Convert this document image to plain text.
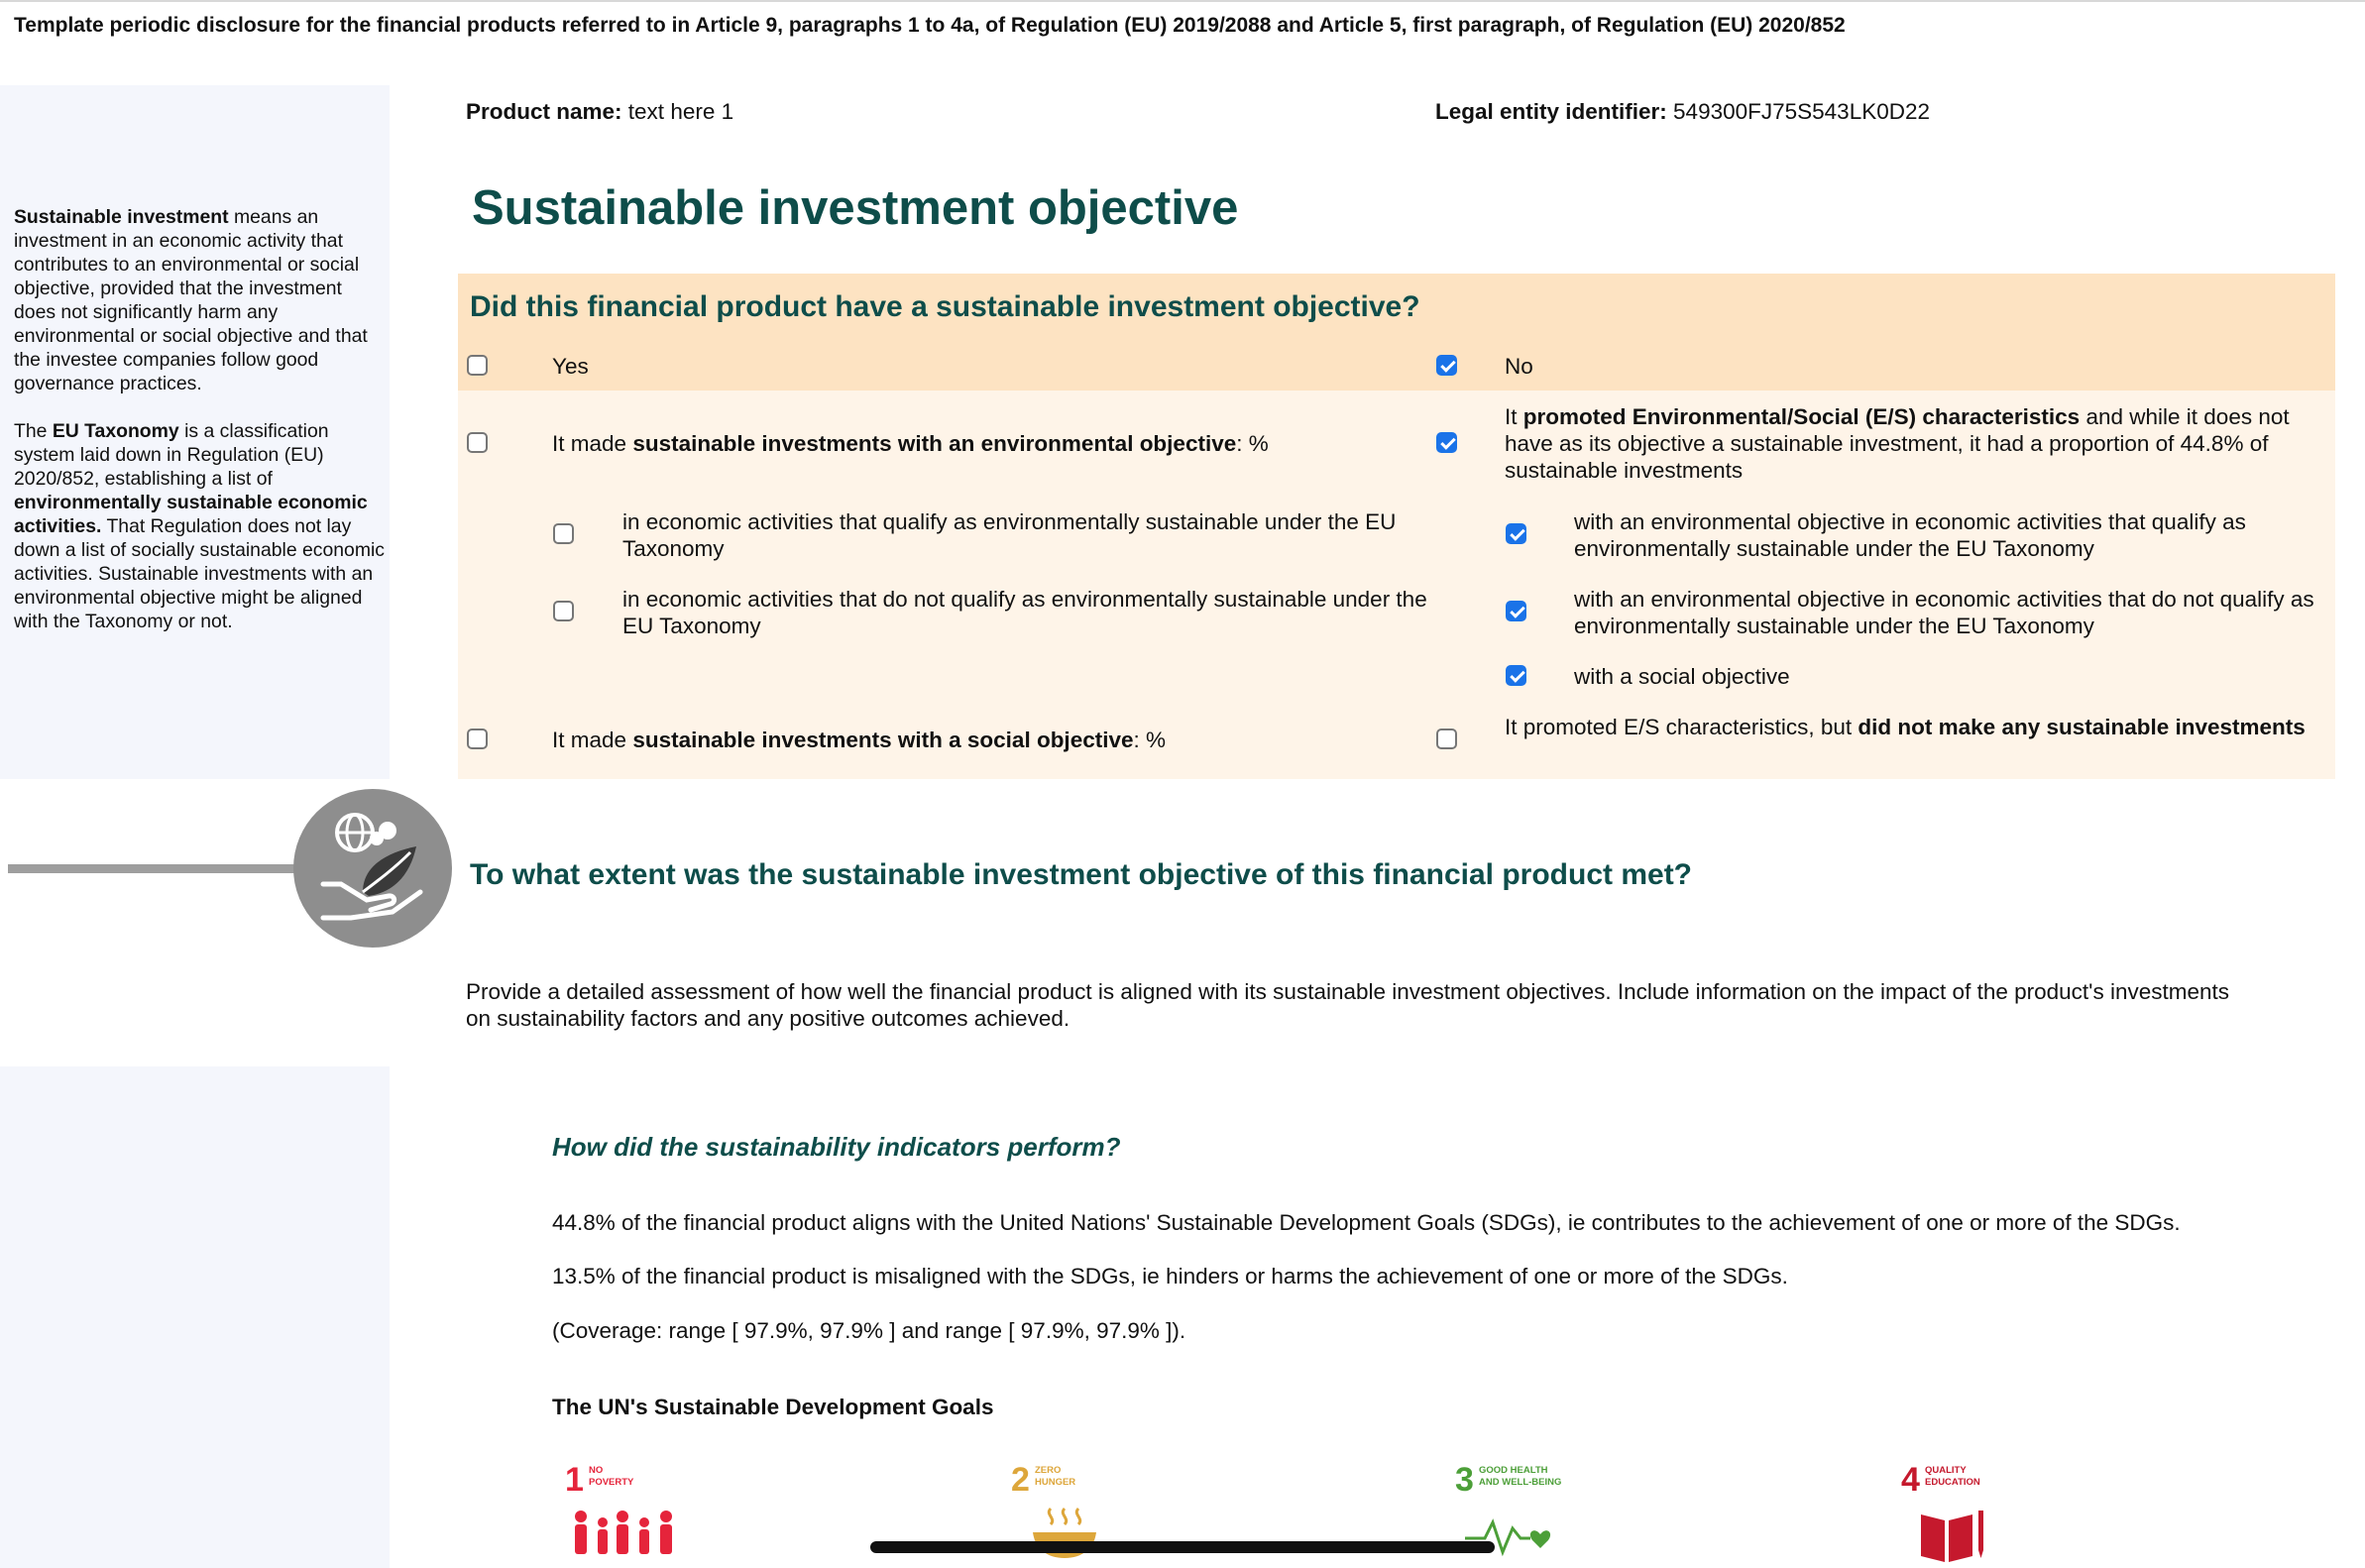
Template periodic disclosure for the financial products referred to in Article 9, paragraphs 1 to 4a, of Regulation (EU) 2019/2088 and Article 5, first paragraph, of Regulation (EU) 2020/852

Sustainable investment means an investment in an economic activity that contributes to an environmental or social objective, provided that the investment does not significantly harm any environmental or social objective and that the investee companies follow good governance practices.

The EU Taxonomy is a classification system laid down in Regulation (EU) 2020/852, establishing a list of environmentally sustainable economic activities. That Regulation does not lay down a list of socially sustainable economic activities. Sustainable investments with an environmental objective might be aligned with the Taxonomy or not.

Product name: text here 1	Legal entity identifier: 549300FJ75S543LK0D22
Sustainable investment objective
Did this financial product have a sustainable investment objective?
Yes	No
It made sustainable investments with an environmental objective: %
in economic activities that qualify as environmentally sustainable under the EU Taxonomy
in economic activities that do not qualify as environmentally sustainable under the EU Taxonomy
It made sustainable investments with a social objective: %
It promoted Environmental/Social (E/S) characteristics and while it does not have as its objective a sustainable investment, it had a proportion of 44.8% of sustainable investments
with an environmental objective in economic activities that qualify as environmentally sustainable under the EU Taxonomy
with an environmental objective in economic activities that do not qualify as environmentally sustainable under the EU Taxonomy
with a social objective
It promoted E/S characteristics, but did not make any sustainable investments
To what extent was the sustainable investment objective of this financial product met?
Provide a detailed assessment of how well the financial product is aligned with its sustainable investment objectives. Include information on the impact of the product's investments on sustainability factors and any positive outcomes achieved.
How did the sustainability indicators perform?
44.8% of the financial product aligns with the United Nations' Sustainable Development Goals (SDGs), ie contributes to the achievement of one or more of the SDGs.
13.5% of the financial product is misaligned with the SDGs, ie hinders or harms the achievement of one or more of the SDGs.
(Coverage: range [ 97.9%, 97.9% ] and range [ 97.9%, 97.9% ]).
The UN's Sustainable Development Goals
1 NO
POVERTY	2 ZERO
HUNGER	3 GOOD HEALTH
AND WELL-BEING	4 QUALITY
EDUCATION
